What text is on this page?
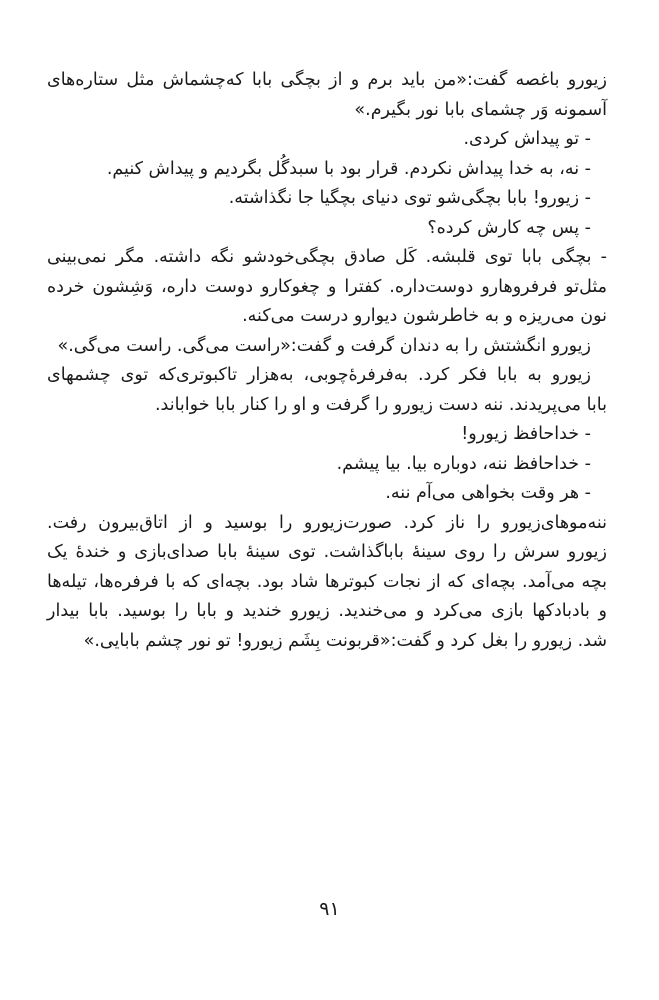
زیورو باغصه گفت:«من باید برم و از بچگی بابا که‌چشماش مثل ستاره‌های
آسمونه وَر چشمای بابا نور بگیرم.»
- تو پیداش کردی.
- نه، به خدا پیداش نکردم. قرار بود با سبدگُل بگردیم و پیداش کنیم.
- زیورو! بابا بچگی‌شو توی دنیای بچگیا جا نگذاشته.
- پس چه کارش کرده؟
- بچگی بابا توی قلبشه. کَل صادق بچگی‌خودشو نگه داشته. مگر نمی‌بینی
مثل‌تو فرفروهارو دوست‌داره. کفترا و چغوکارو دوست داره، وَشِشون خرده
نون می‌ریزه و به خاطرشون دیوارو درست می‌کنه.
زیورو انگشتش را به دندان گرفت و گفت:«راست می‌گی. راست می‌گی.»
زیورو به بابا فکر کرد. به‌فرفرهٔ‌چوبی، به‌هزار تاکبوتری‌که توی چشمهای
بابا می‌پریدند. ننه دست زیورو را گرفت و او را کنار بابا خواباند.
- خداحافظ زیورو!
- خداحافظ ننه، دوباره بیا. بیا پیشم.
- هر وقت بخواهی می‌آم ننه.
ننه‌موهای‌زیورو را ناز کرد. صورت‌زیورو را بوسید و از اتاق‌بیرون رفت.
زیورو سرش را روی سینهٔ بابا‌گذاشت. توی سینهٔ بابا صدای‌بازی و خندهٔ یک
بچه می‌آمد. بچه‌ای که از نجات کبوترها شاد بود. بچه‌ای که با فرفره‌ها، تیله‌ها
و بادبادکها بازی می‌کرد و می‌خندید. زیورو خندید و بابا را بوسید. بابا بیدار
شد. زیورو را بغل کرد و گفت:«قربونت بِشَم زیورو! تو نور چشم بابایی.»
۹۱
